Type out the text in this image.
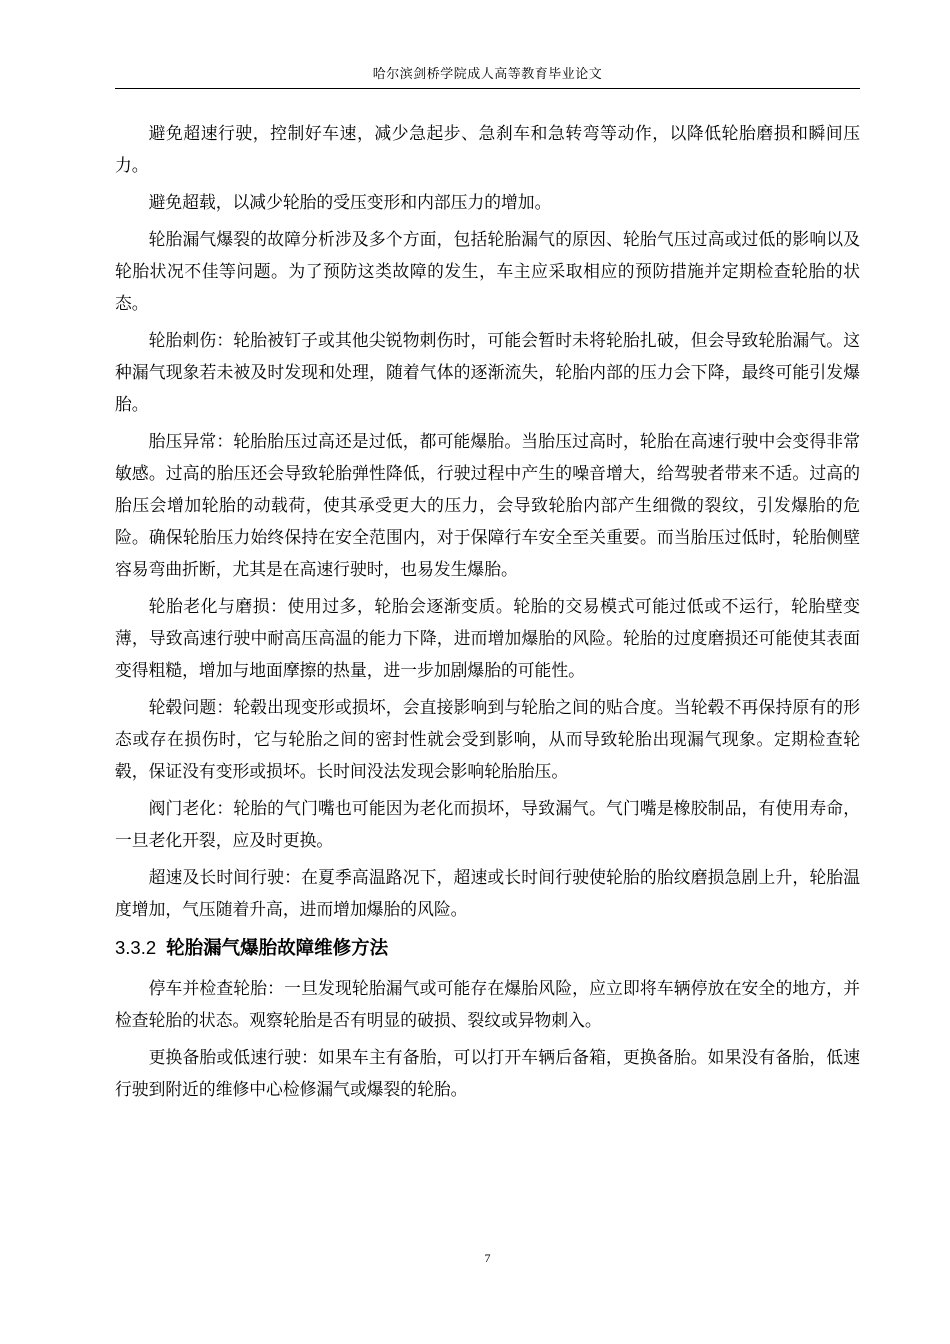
哈尔滨剑桥学院成人高等教育毕业论文

避免超速行驶，控制好车速，减少急起步、急刹车和急转弯等动作，以降低轮胎磨损和瞬间压力。

避免超载，以减少轮胎的受压变形和内部压力的增加。

轮胎漏气爆裂的故障分析涉及多个方面，包括轮胎漏气的原因、轮胎气压过高或过低的影响以及轮胎状况不佳等问题。为了预防这类故障的发生，车主应采取相应的预防措施并定期检查轮胎的状态。

轮胎刺伤：轮胎被钉子或其他尖锐物刺伤时，可能会暂时未将轮胎扎破，但会导致轮胎漏气。这种漏气现象若未被及时发现和处理，随着气体的逐渐流失，轮胎内部的压力会下降，最终可能引发爆胎。

胎压异常：轮胎胎压过高还是过低，都可能爆胎。当胎压过高时，轮胎在高速行驶中会变得非常敏感。过高的胎压还会导致轮胎弹性降低，行驶过程中产生的噪音增大，给驾驶者带来不适。过高的胎压会增加轮胎的动载荷，使其承受更大的压力，会导致轮胎内部产生细微的裂纹，引发爆胎的危险。确保轮胎压力始终保持在安全范围内，对于保障行车安全至关重要。而当胎压过低时，轮胎侧壁容易弯曲折断，尤其是在高速行驶时，也易发生爆胎。

轮胎老化与磨损：使用过多，轮胎会逐渐变质。轮胎的交易模式可能过低或不运行，轮胎壁变薄，导致高速行驶中耐高压高温的能力下降，进而增加爆胎的风险。轮胎的过度磨损还可能使其表面变得粗糙，增加与地面摩擦的热量，进一步加剧爆胎的可能性。

轮毂问题：轮毂出现变形或损坏，会直接影响到与轮胎之间的贴合度。当轮毂不再保持原有的形态或存在损伤时，它与轮胎之间的密封性就会受到影响，从而导致轮胎出现漏气现象。定期检查轮毂，保证没有变形或损坏。长时间没法发现会影响轮胎胎压。

阀门老化：轮胎的气门嘴也可能因为老化而损坏，导致漏气。气门嘴是橡胶制品，有使用寿命，一旦老化开裂，应及时更换。

超速及长时间行驶：在夏季高温路况下，超速或长时间行驶使轮胎的胎纹磨损急剧上升，轮胎温度增加，气压随着升高，进而增加爆胎的风险。

3.3.2 轮胎漏气爆胎故障维修方法

停车并检查轮胎：一旦发现轮胎漏气或可能存在爆胎风险，应立即将车辆停放在安全的地方，并检查轮胎的状态。观察轮胎是否有明显的破损、裂纹或异物刺入。

更换备胎或低速行驶：如果车主有备胎，可以打开车辆后备箱，更换备胎。如果没有备胎，低速行驶到附近的维修中心检修漏气或爆裂的轮胎。

7
